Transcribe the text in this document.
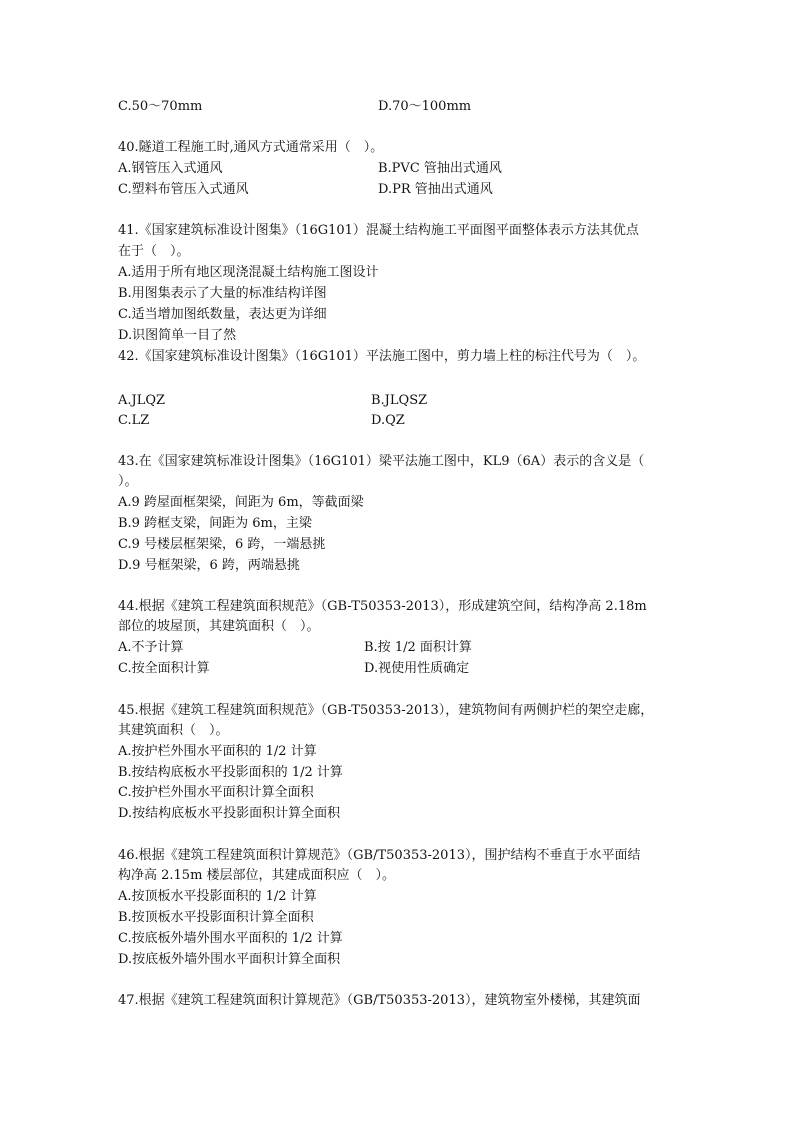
C.50～70mm	D.70～100mm
40.隧道工程施工时,通风方式通常采用（　）。
A.钢管压入式通风	B.PVC 管抽出式通风
C.塑料布管压入式通风	D.PR 管抽出式通风
41.《国家建筑标准设计图集》（16G101）混凝土结构施工平面图平面整体表示方法其优点
在于（　）。
A.适用于所有地区现浇混凝土结构施工图设计
B.用图集表示了大量的标准结构详图
C.适当增加图纸数量，表达更为详细
D.识图简单一目了然
42.《国家建筑标准设计图集》（16G101）平法施工图中，剪力墙上柱的标注代号为（　）。
A.JLQZ	B.JLQSZ
C.LZ	D.QZ
43.在《国家建筑标准设计图集》（16G101）梁平法施工图中，KL9（6A）表示的含义是（
）。
A.9 跨屋面框架梁，间距为 6m，等截面梁
B.9 跨框支梁，间距为 6m，主梁
C.9 号楼层框架梁，6 跨，一端悬挑
D.9 号框架梁，6 跨，两端悬挑
44.根据《建筑工程建筑面积规范》（GB-T50353-2013），形成建筑空间，结构净高 2.18m
部位的坡屋顶，其建筑面积（　）。
A.不予计算	B.按 1/2 面积计算
C.按全面积计算	D.视使用性质确定
45.根据《建筑工程建筑面积规范》（GB-T50353-2013），建筑物间有两侧护栏的架空走廊，
其建筑面积（　）。
A.按护栏外围水平面积的 1/2 计算
B.按结构底板水平投影面积的 1/2 计算
C.按护栏外围水平面积计算全面积
D.按结构底板水平投影面积计算全面积
46.根据《建筑工程建筑面积计算规范》（GB/T50353-2013），围护结构不垂直于水平面结
构净高 2.15m 楼层部位，其建成面积应（　）。
A.按顶板水平投影面积的 1/2 计算
B.按顶板水平投影面积计算全面积
C.按底板外墙外围水平面积的 1/2 计算
D.按底板外墙外围水平面积计算全面积
47.根据《建筑工程建筑面积计算规范》（GB/T50353-2013），建筑物室外楼梯，其建筑面
